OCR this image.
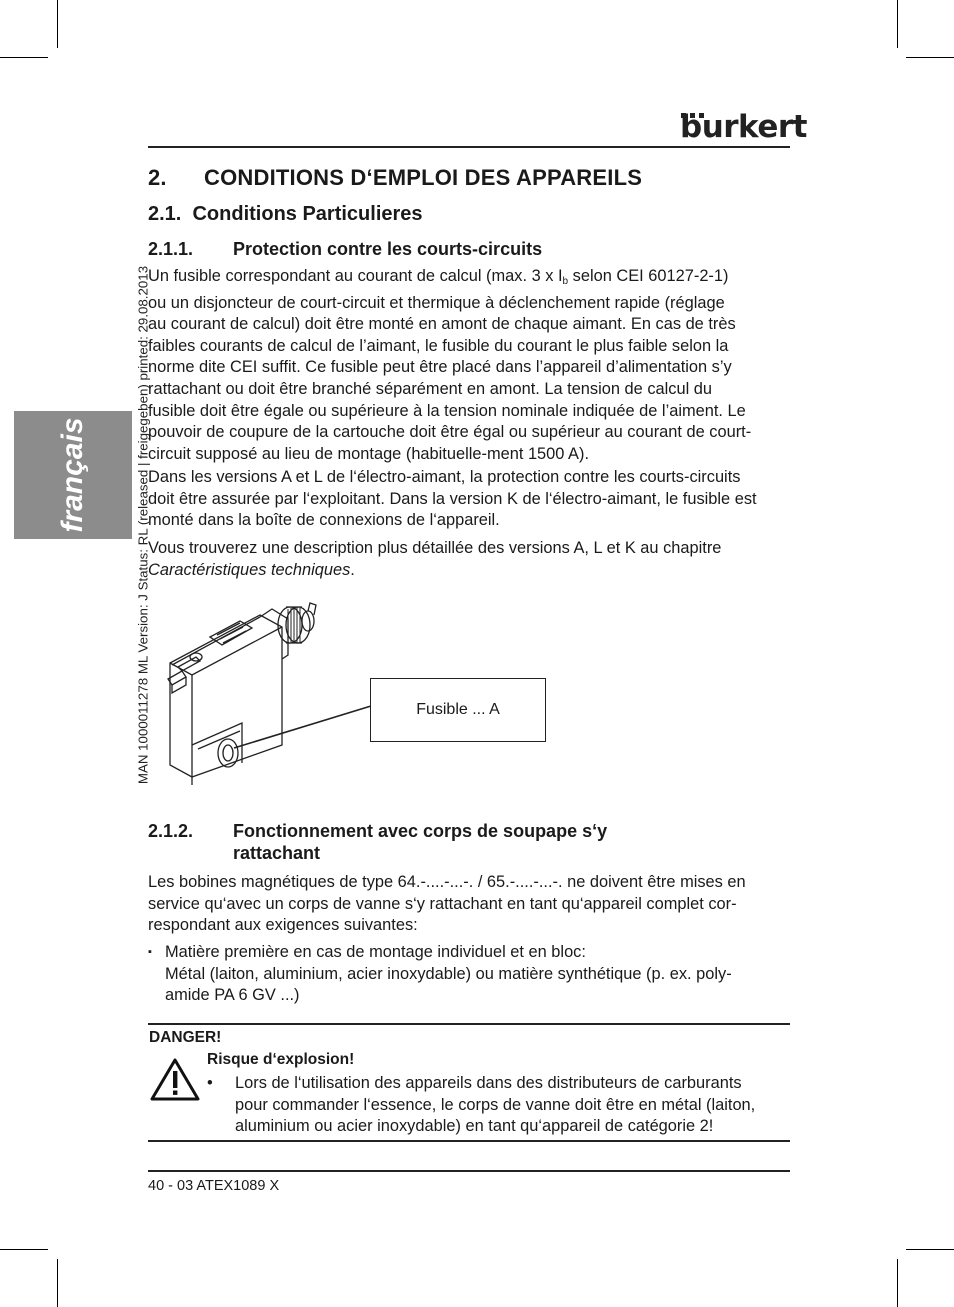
burkert
français	MAN 1000011278 ML Version: J Status: RL (released | freigegeben) printed: 29.08.2013
2. CONDITIONS D‘EMPLOI DES APPAREILS
2.1. Conditions Particulieres
2.1.1. Protection contre les courts-circuits
Un fusible correspondant au courant de calcul (max. 3 x $I_b$ selon CEI 60127-2-1)
ou un disjoncteur de court-circuit et thermique à déclenchement rapide (réglage
au courant de calcul) doit être monté en amont de chaque aimant. En cas de très
faibles courants de calcul de l’aimant, le fusible du courant le plus faible selon la
norme dite CEI suffit. Ce fusible peut être placé dans l’appareil d’alimentation s’y
rattachant ou doit être branché séparément en amont. La tension de calcul du
fusible doit être égale ou supérieure à la tension nominale indiquée de l’aiment. Le
pouvoir de coupure de la cartouche doit être égal ou supérieur au courant de court-
circuit supposé au lieu de montage (habituelle-ment 1500 A).
Dans les versions A et L de l‘électro-aimant, la protection contre les courts-circuits
doit être assurée par l‘exploitant. Dans la version K de l‘électro-aimant, le fusible est
monté dans la boîte de connexions de l‘appareil.
Vous trouverez une description plus détaillée des versions A, L et K au chapitre
Caractéristiques techniques.
Fusible ... A
2.1.2. Fonctionnement avec corps de soupape s‘y
rattachant
Les bobines magnétiques de type 64.-....-...-. / 65.-....-...-. ne doivent être mises en
service qu‘avec un corps de vanne s‘y rattachant en tant qu‘appareil complet cor-
respondant aux exigences suivantes:
▪ Matière première en cas de montage individuel et en bloc:
Métal (laiton, aluminium, acier inoxydable) ou matière synthétique (p. ex. poly-
amide PA 6 GV ...)
DANGER!
Risque d‘explosion!
• Lors de l‘utilisation des appareils dans des distributeurs de carburants
pour commander l‘essence, le corps de vanne doit être en métal (laiton,
aluminium ou acier inoxydable) en tant qu‘appareil de catégorie 2!
40 - 03 ATEX1089 X
